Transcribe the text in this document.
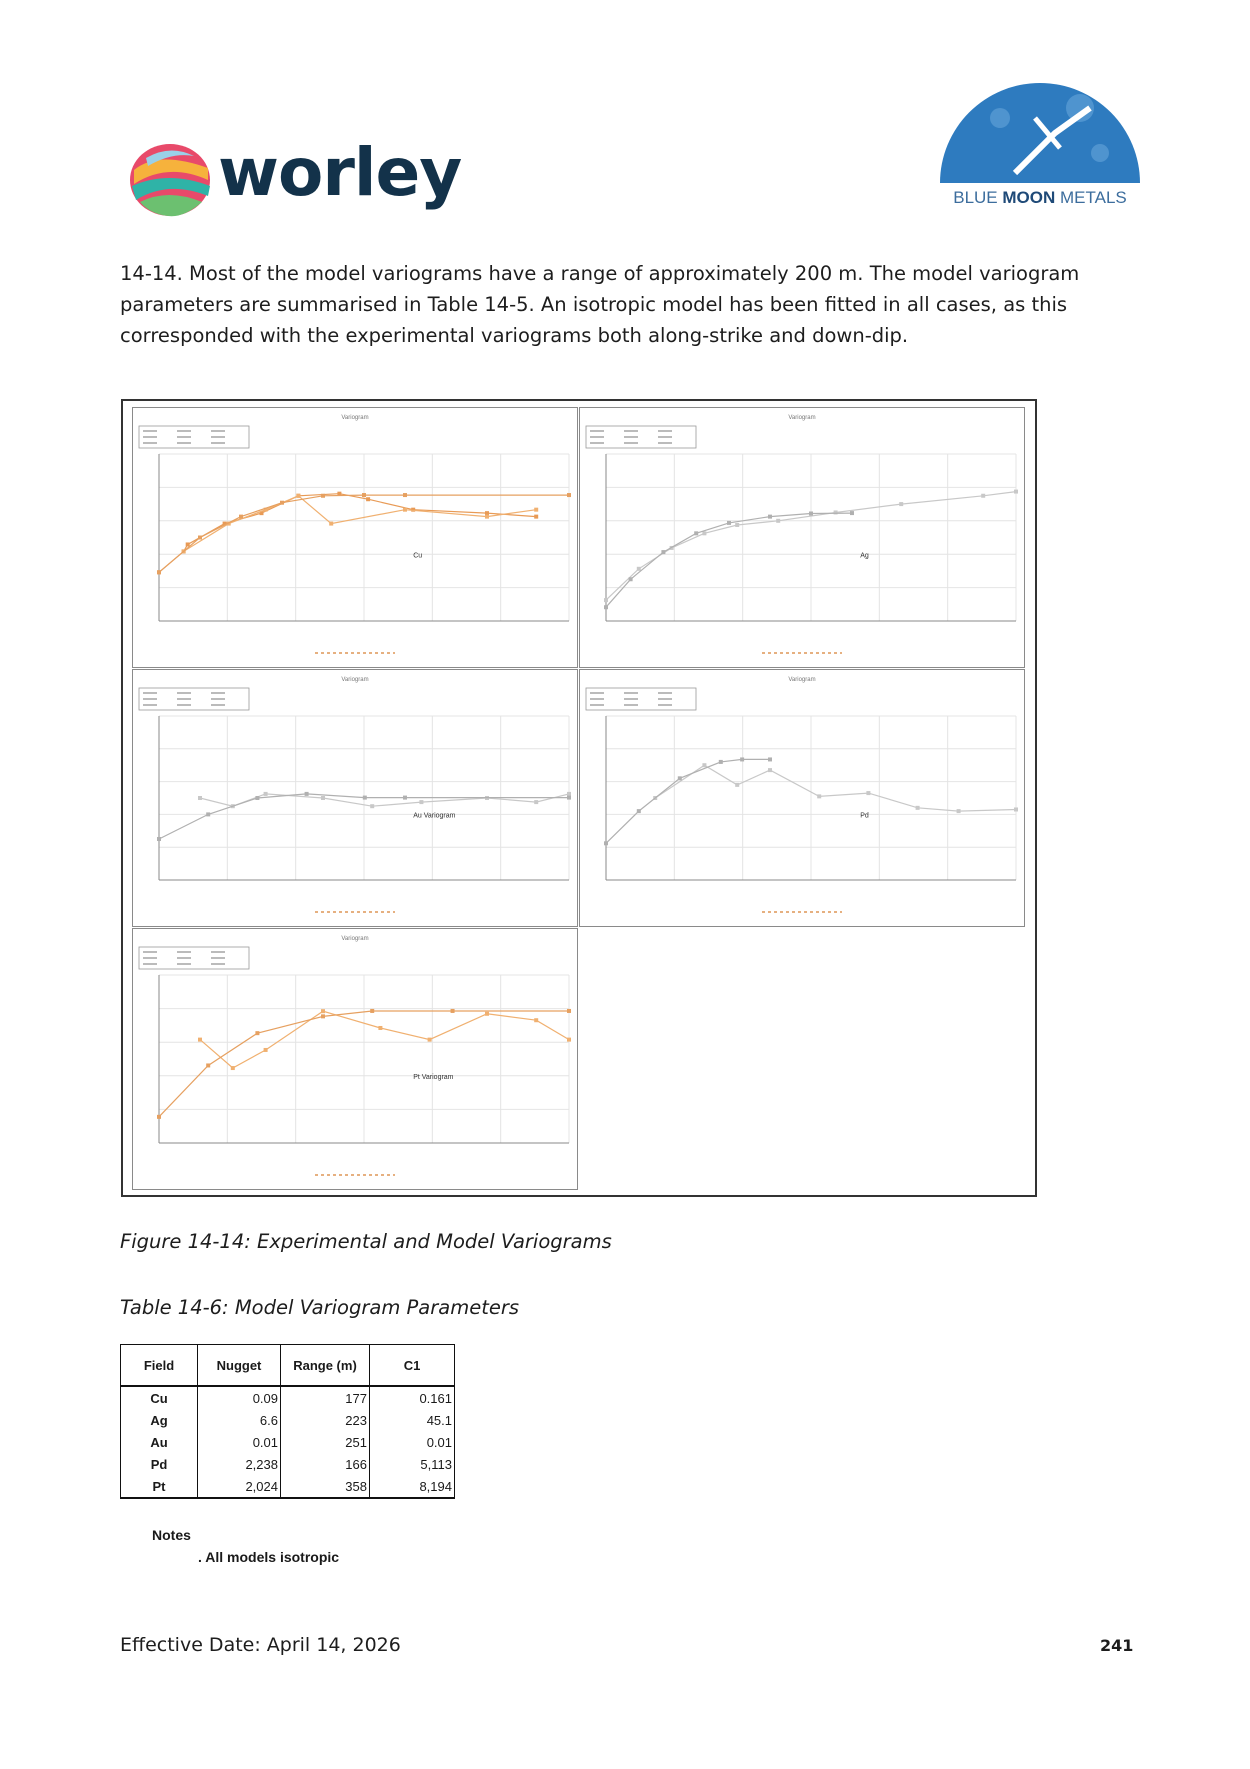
worley	BLUE MOON METALS
14-14. Most of the model variograms have a range of approximately 200 m. The model variogram parameters are summarised in Table 14-5. An isotropic model has been fitted in all cases, as this corresponded with the experimental variograms both along-strike and down-dip.
Variogram
Cu
Variogram
Ag
Variogram
Au Variogram
Variogram
Pd
Variogram
Pt Variogram
Figure 14-14: Experimental and Model Variograms
Table 14-6: Model Variogram Parameters
Field	Nugget	Range (m)	C1
Cu	0.09	177	0.161
Ag	6.6	223	45.1
Au	0.01	251	0.01
Pd	2,238	166	5,113
Pt	2,024	358	8,194
Notes
. All models isotropic
Effective Date: April 14, 2026	241
